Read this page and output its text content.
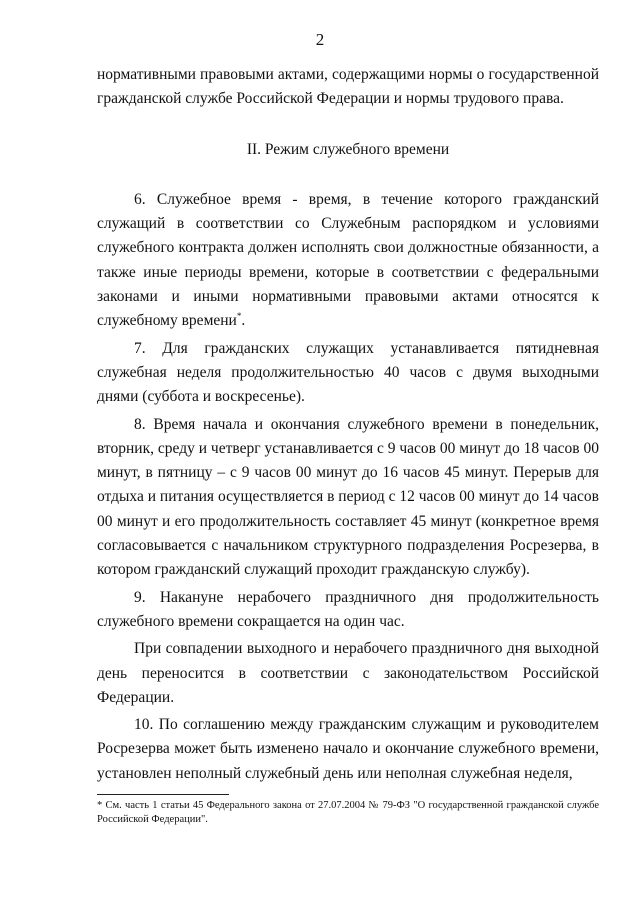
2

нормативными правовыми актами, содержащими нормы о государственной гражданской службе Российской Федерации и нормы трудового права.

II. Режим служебного времени

6. Служебное время - время, в течение которого гражданский служащий в соответствии со Служебным распорядком и условиями служебного контракта должен исполнять свои должностные обязанности, а также иные периоды времени, которые в соответствии с федеральными законами и иными нормативными правовыми актами относятся к служебному времени*.

7. Для гражданских служащих устанавливается пятидневная служебная неделя продолжительностью 40 часов с двумя выходными днями (суббота и воскресенье).

8. Время начала и окончания служебного времени в понедельник, вторник, среду и четверг устанавливается с 9 часов 00 минут до 18 часов 00 минут, в пятницу – с 9 часов 00 минут до 16 часов 45 минут. Перерыв для отдыха и питания осуществляется в период с 12 часов 00 минут до 14 часов 00 минут и его продолжительность составляет 45 минут (конкретное время согласовывается с начальником структурного подразделения Росрезерва, в котором гражданский служащий проходит гражданскую службу).

9. Накануне нерабочего праздничного дня продолжительность служебного времени сокращается на один час.

При совпадении выходного и нерабочего праздничного дня выходной день переносится в соответствии с законодательством Российской Федерации.

10. По соглашению между гражданским служащим и руководителем Росрезерва может быть изменено начало и окончание служебного времени, установлен неполный служебный день или неполная служебная неделя,

* См. часть 1 статьи 45 Федерального закона от 27.07.2004 № 79-ФЗ "О государственной гражданской службе Российской Федерации".
